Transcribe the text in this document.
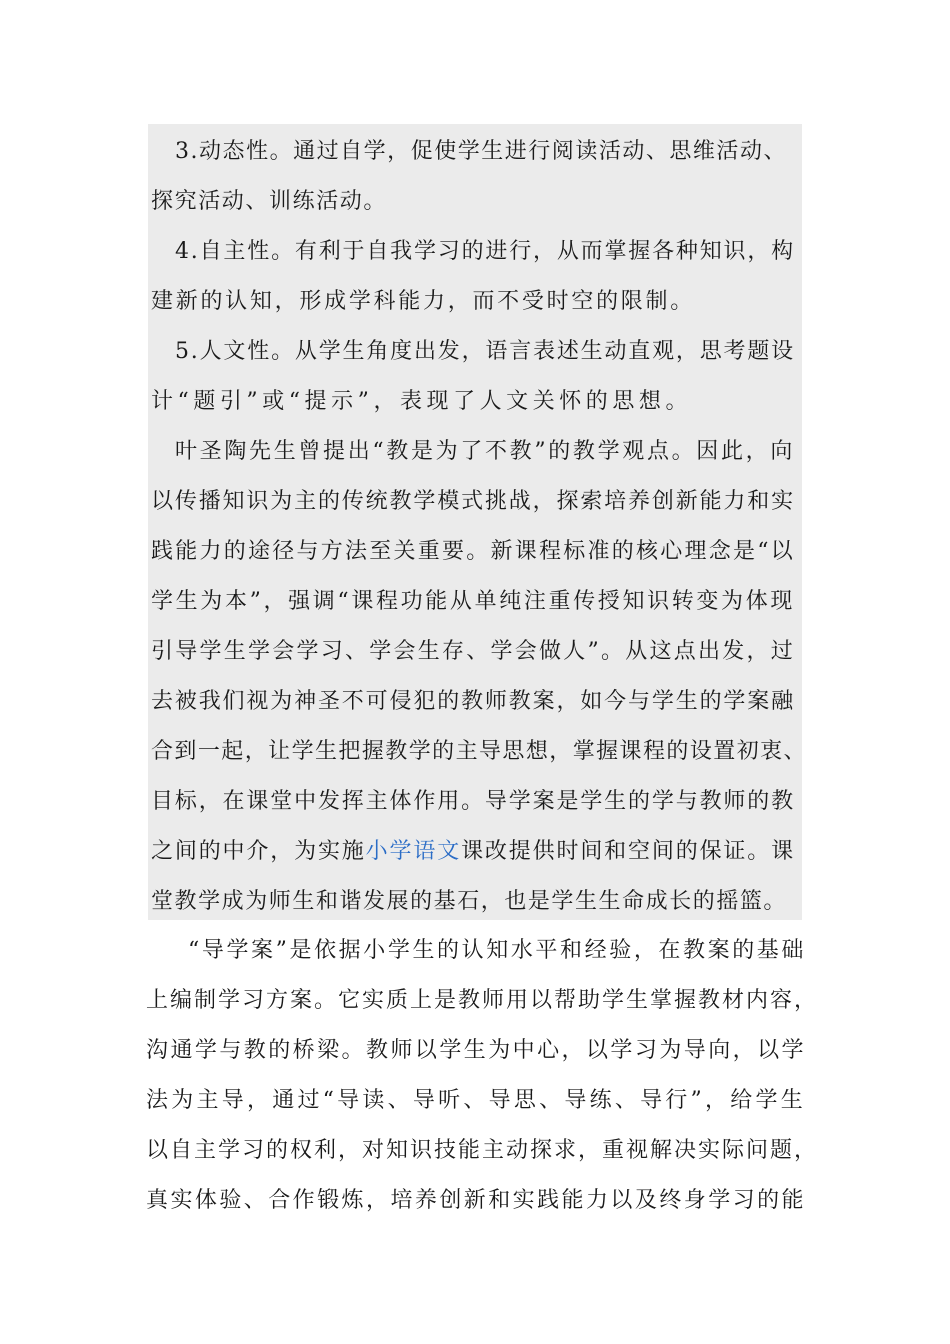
3.动态性。通过自学，促使学生进行阅读活动、思维活动、
探究活动、训练活动。
4.自主性。有利于自我学习的进行，从而掌握各种知识，构
建新的认知，形成学科能力，而不受时空的限制。
5.人文性。从学生角度出发，语言表述生动直观，思考题设
计“题引”或“提示”，表现了人文关怀的思想。
叶圣陶先生曾提出“教是为了不教”的教学观点。因此，向
以传播知识为主的传统教学模式挑战，探索培养创新能力和实
践能力的途径与方法至关重要。新课程标准的核心理念是“以
学生为本”，强调“课程功能从单纯注重传授知识转变为体现
引导学生学会学习、学会生存、学会做人”。从这点出发，过
去被我们视为神圣不可侵犯的教师教案，如今与学生的学案融
合到一起，让学生把握教学的主导思想，掌握课程的设置初衷、
目标，在课堂中发挥主体作用。导学案是学生的学与教师的教
之间的中介，为实施小学语文课改提供时间和空间的保证。课
堂教学成为师生和谐发展的基石，也是学生生命成长的摇篮。
“导学案”是依据小学生的认知水平和经验，在教案的基础
上编制学习方案。它实质上是教师用以帮助学生掌握教材内容，
沟通学与教的桥梁。教师以学生为中心，以学习为导向，以学
法为主导，通过“导读、导听、导思、导练、导行”，给学生
以自主学习的权利，对知识技能主动探求，重视解决实际问题，
真实体验、合作锻炼，培养创新和实践能力以及终身学习的能
